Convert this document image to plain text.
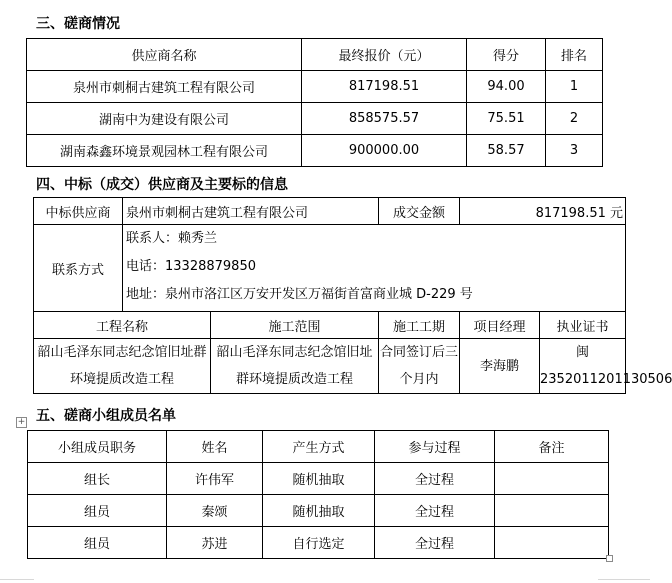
三、磋商情况
供应商名称	最终报价（元）	得分	排名
泉州市刺桐古建筑工程有限公司	817198.51	94.00	1
湖南中为建设有限公司	858575.57	75.51	2
湖南森鑫环境景观园林工程有限公司	900000.00	58.57	3
四、中标（成交）供应商及主要标的信息
中标供应商	泉州市刺桐古建筑工程有限公司		成交金额	817198.51 元	
联系方式	联系人：赖秀兰
电话：13328879850
地址：泉州市洛江区万安开发区万福街首富商业城 D-229 号				

工程名称		施工范围	施工工期	项目经理	执业证书
韶山毛泽东同志纪念馆旧址群环境提质改造工程		韶山毛泽东同志纪念馆旧址群环境提质改造工程	合同签订后三个月内	李海鹏	闽 2352011201130506
+ 五、磋商小组成员名单
小组成员职务	姓名	产生方式	参与过程	备注
组长	许伟军	随机抽取	全过程	
组员	秦颂	随机抽取	全过程	
组员	苏进	自行选定	全过程	
